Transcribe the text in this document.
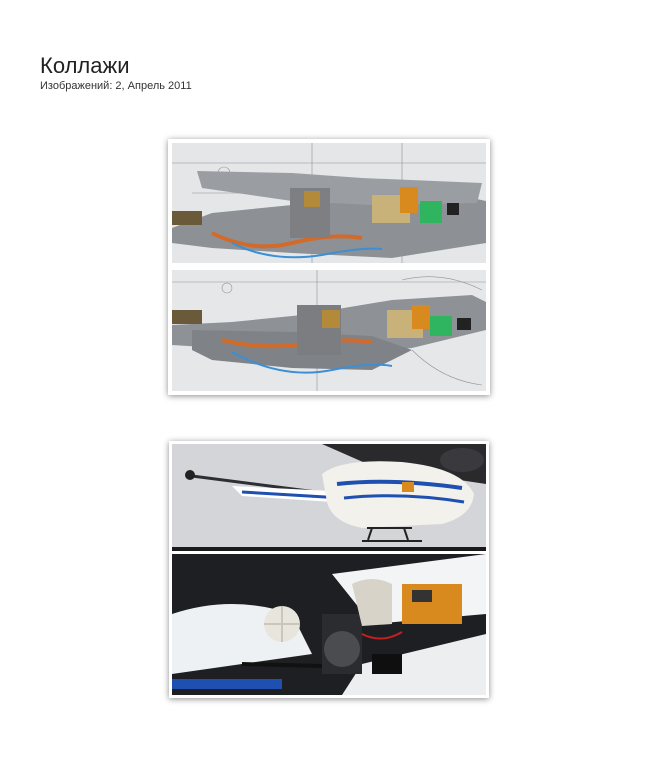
Коллажи
Изображений: 2, Апрель 2011
